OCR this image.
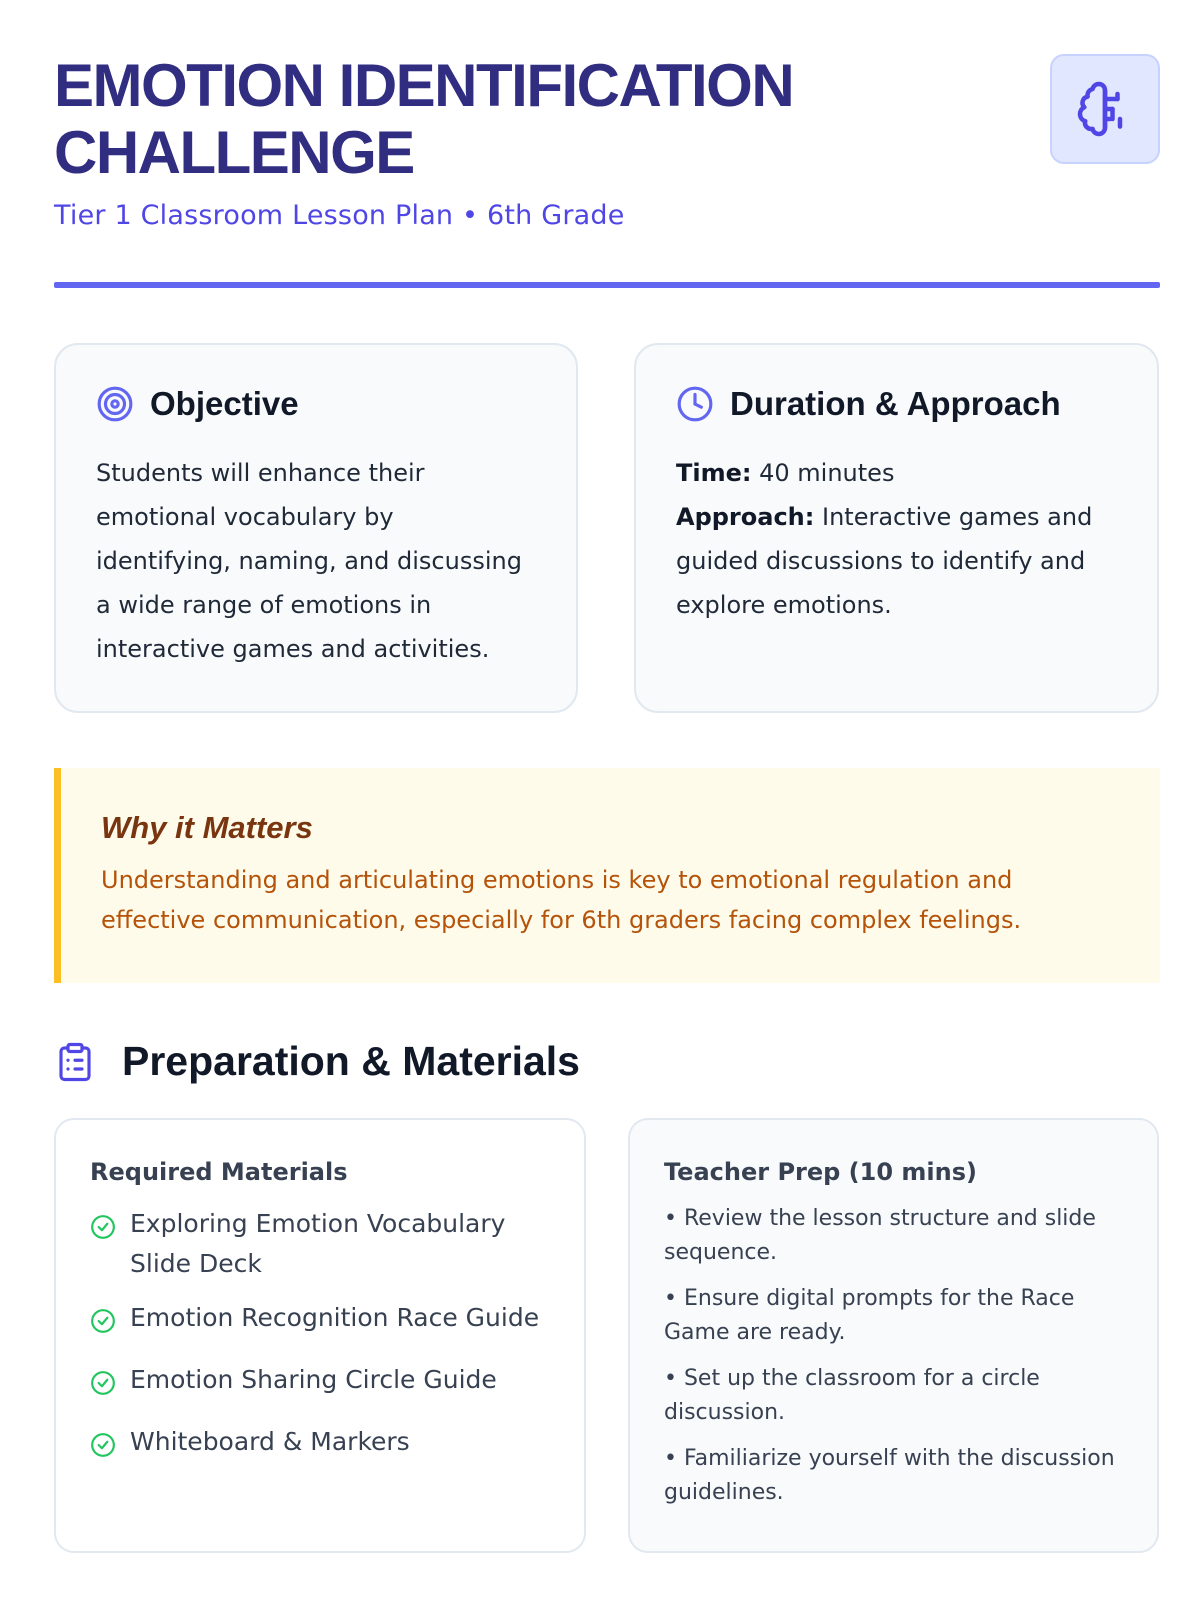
EMOTION IDENTIFICATION CHALLENGE
Tier 1 Classroom Lesson Plan • 6th Grade
Objective

Students will enhance their emotional vocabulary by identifying, naming, and discussing a wide range of emotions in interactive games and activities.

Duration & Approach
Time: 40 minutes
Approach: Interactive games and guided discussions to identify and explore emotions.
Why it Matters

Understanding and articulating emotions is key to emotional regulation and effective communication, especially for 6th graders facing complex feelings.

Preparation & Materials
Required Materials
Exploring Emotion Vocabulary Slide Deck
Emotion Recognition Race Guide
Emotion Sharing Circle Guide
Whiteboard & Markers
Teacher Prep (10 mins)
• Review the lesson structure and slide sequence.
• Ensure digital prompts for the Race Game are ready.
• Set up the classroom for a circle discussion.
• Familiarize yourself with the discussion guidelines.
